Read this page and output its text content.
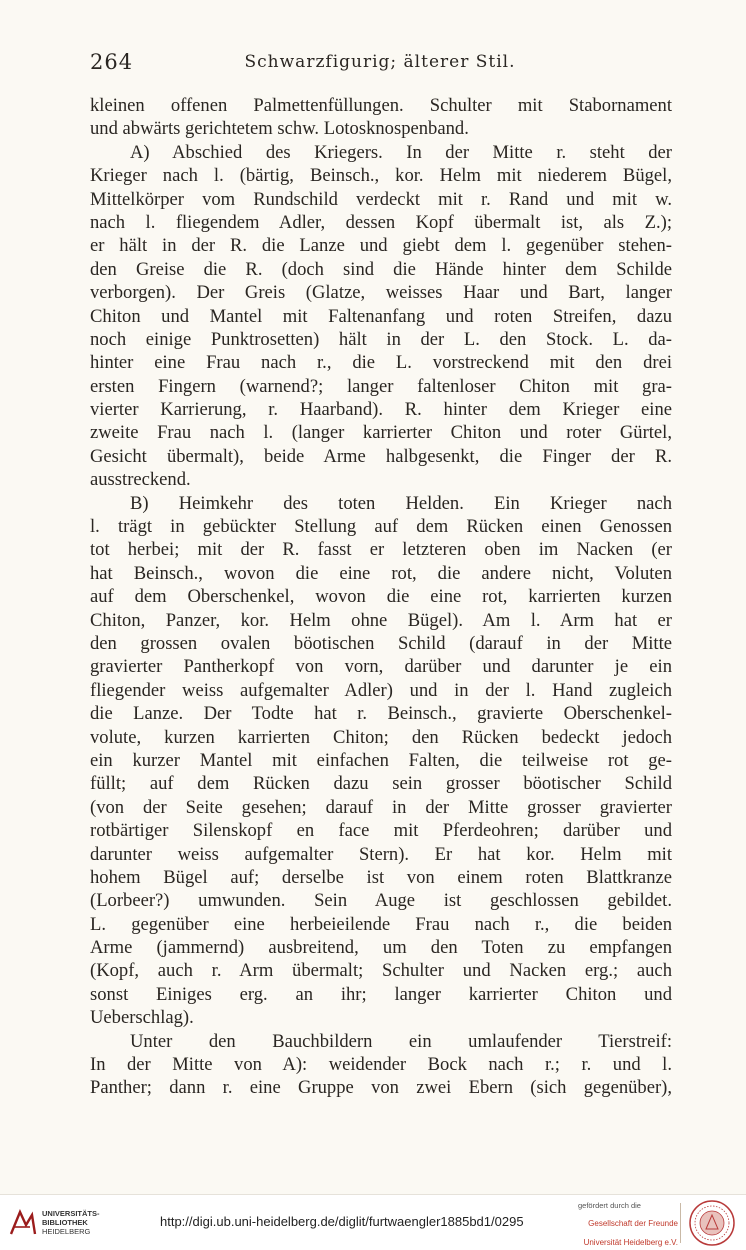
264	Schwarzfigurig; älterer Stil.
kleinen offenen Palmettenfüllungen. Schulter mit Stabornament
und abwärts gerichtetem schw. Lotosknospenband.
A) Abschied des Kriegers. In der Mitte r. steht der
Krieger nach l. (bärtig, Beinsch., kor. Helm mit niederem Bügel,
Mittelkörper vom Rundschild verdeckt mit r. Rand und mit w.
nach l. fliegendem Adler, dessen Kopf übermalt ist, als Z.);
er hält in der R. die Lanze und giebt dem l. gegenüber stehen-
den Greise die R. (doch sind die Hände hinter dem Schilde
verborgen). Der Greis (Glatze, weisses Haar und Bart, langer
Chiton und Mantel mit Faltenanfang und roten Streifen, dazu
noch einige Punktrosetten) hält in der L. den Stock. L. da-
hinter eine Frau nach r., die L. vorstreckend mit den drei
ersten Fingern (warnend?; langer faltenloser Chiton mit gra-
vierter Karrierung, r. Haarband). R. hinter dem Krieger eine
zweite Frau nach l. (langer karrierter Chiton und roter Gürtel,
Gesicht übermalt), beide Arme halbgesenkt, die Finger der R.
ausstreckend.
B) Heimkehr des toten Helden. Ein Krieger nach
l. trägt in gebückter Stellung auf dem Rücken einen Genossen
tot herbei; mit der R. fasst er letzteren oben im Nacken (er
hat Beinsch., wovon die eine rot, die andere nicht, Voluten
auf dem Oberschenkel, wovon die eine rot, karrierten kurzen
Chiton, Panzer, kor. Helm ohne Bügel). Am l. Arm hat er
den grossen ovalen böotischen Schild (darauf in der Mitte
gravierter Pantherkopf von vorn, darüber und darunter je ein
fliegender weiss aufgemalter Adler) und in der l. Hand zugleich
die Lanze. Der Todte hat r. Beinsch., gravierte Oberschenkel-
volute, kurzen karrierten Chiton; den Rücken bedeckt jedoch
ein kurzer Mantel mit einfachen Falten, die teilweise rot ge-
füllt; auf dem Rücken dazu sein grosser böotischer Schild
(von der Seite gesehen; darauf in der Mitte grosser gravierter
rotbärtiger Silenskopf en face mit Pferdeohren; darüber und
darunter weiss aufgemalter Stern). Er hat kor. Helm mit
hohem Bügel auf; derselbe ist von einem roten Blattkranze
(Lorbeer?) umwunden. Sein Auge ist geschlossen gebildet.
L. gegenüber eine herbeieilende Frau nach r., die beiden
Arme (jammernd) ausbreitend, um den Toten zu empfangen
(Kopf, auch r. Arm übermalt; Schulter und Nacken erg.; auch
sonst Einiges erg. an ihr; langer karrierter Chiton und
Ueberschlag).
Unter den Bauchbildern ein umlaufender Tierstreif:
In der Mitte von A): weidender Bock nach r.; r. und l.
Panther; dann r. eine Gruppe von zwei Ebern (sich gegenüber),
UNIVERSITÄTS-
BIBLIOTHEK
HEIDELBERG
http://digi.ub.uni-heidelberg.de/diglit/furtwaengler1885bd1/0295
gefördert durch die
Gesellschaft der Freunde
Universität Heidelberg e.V.
